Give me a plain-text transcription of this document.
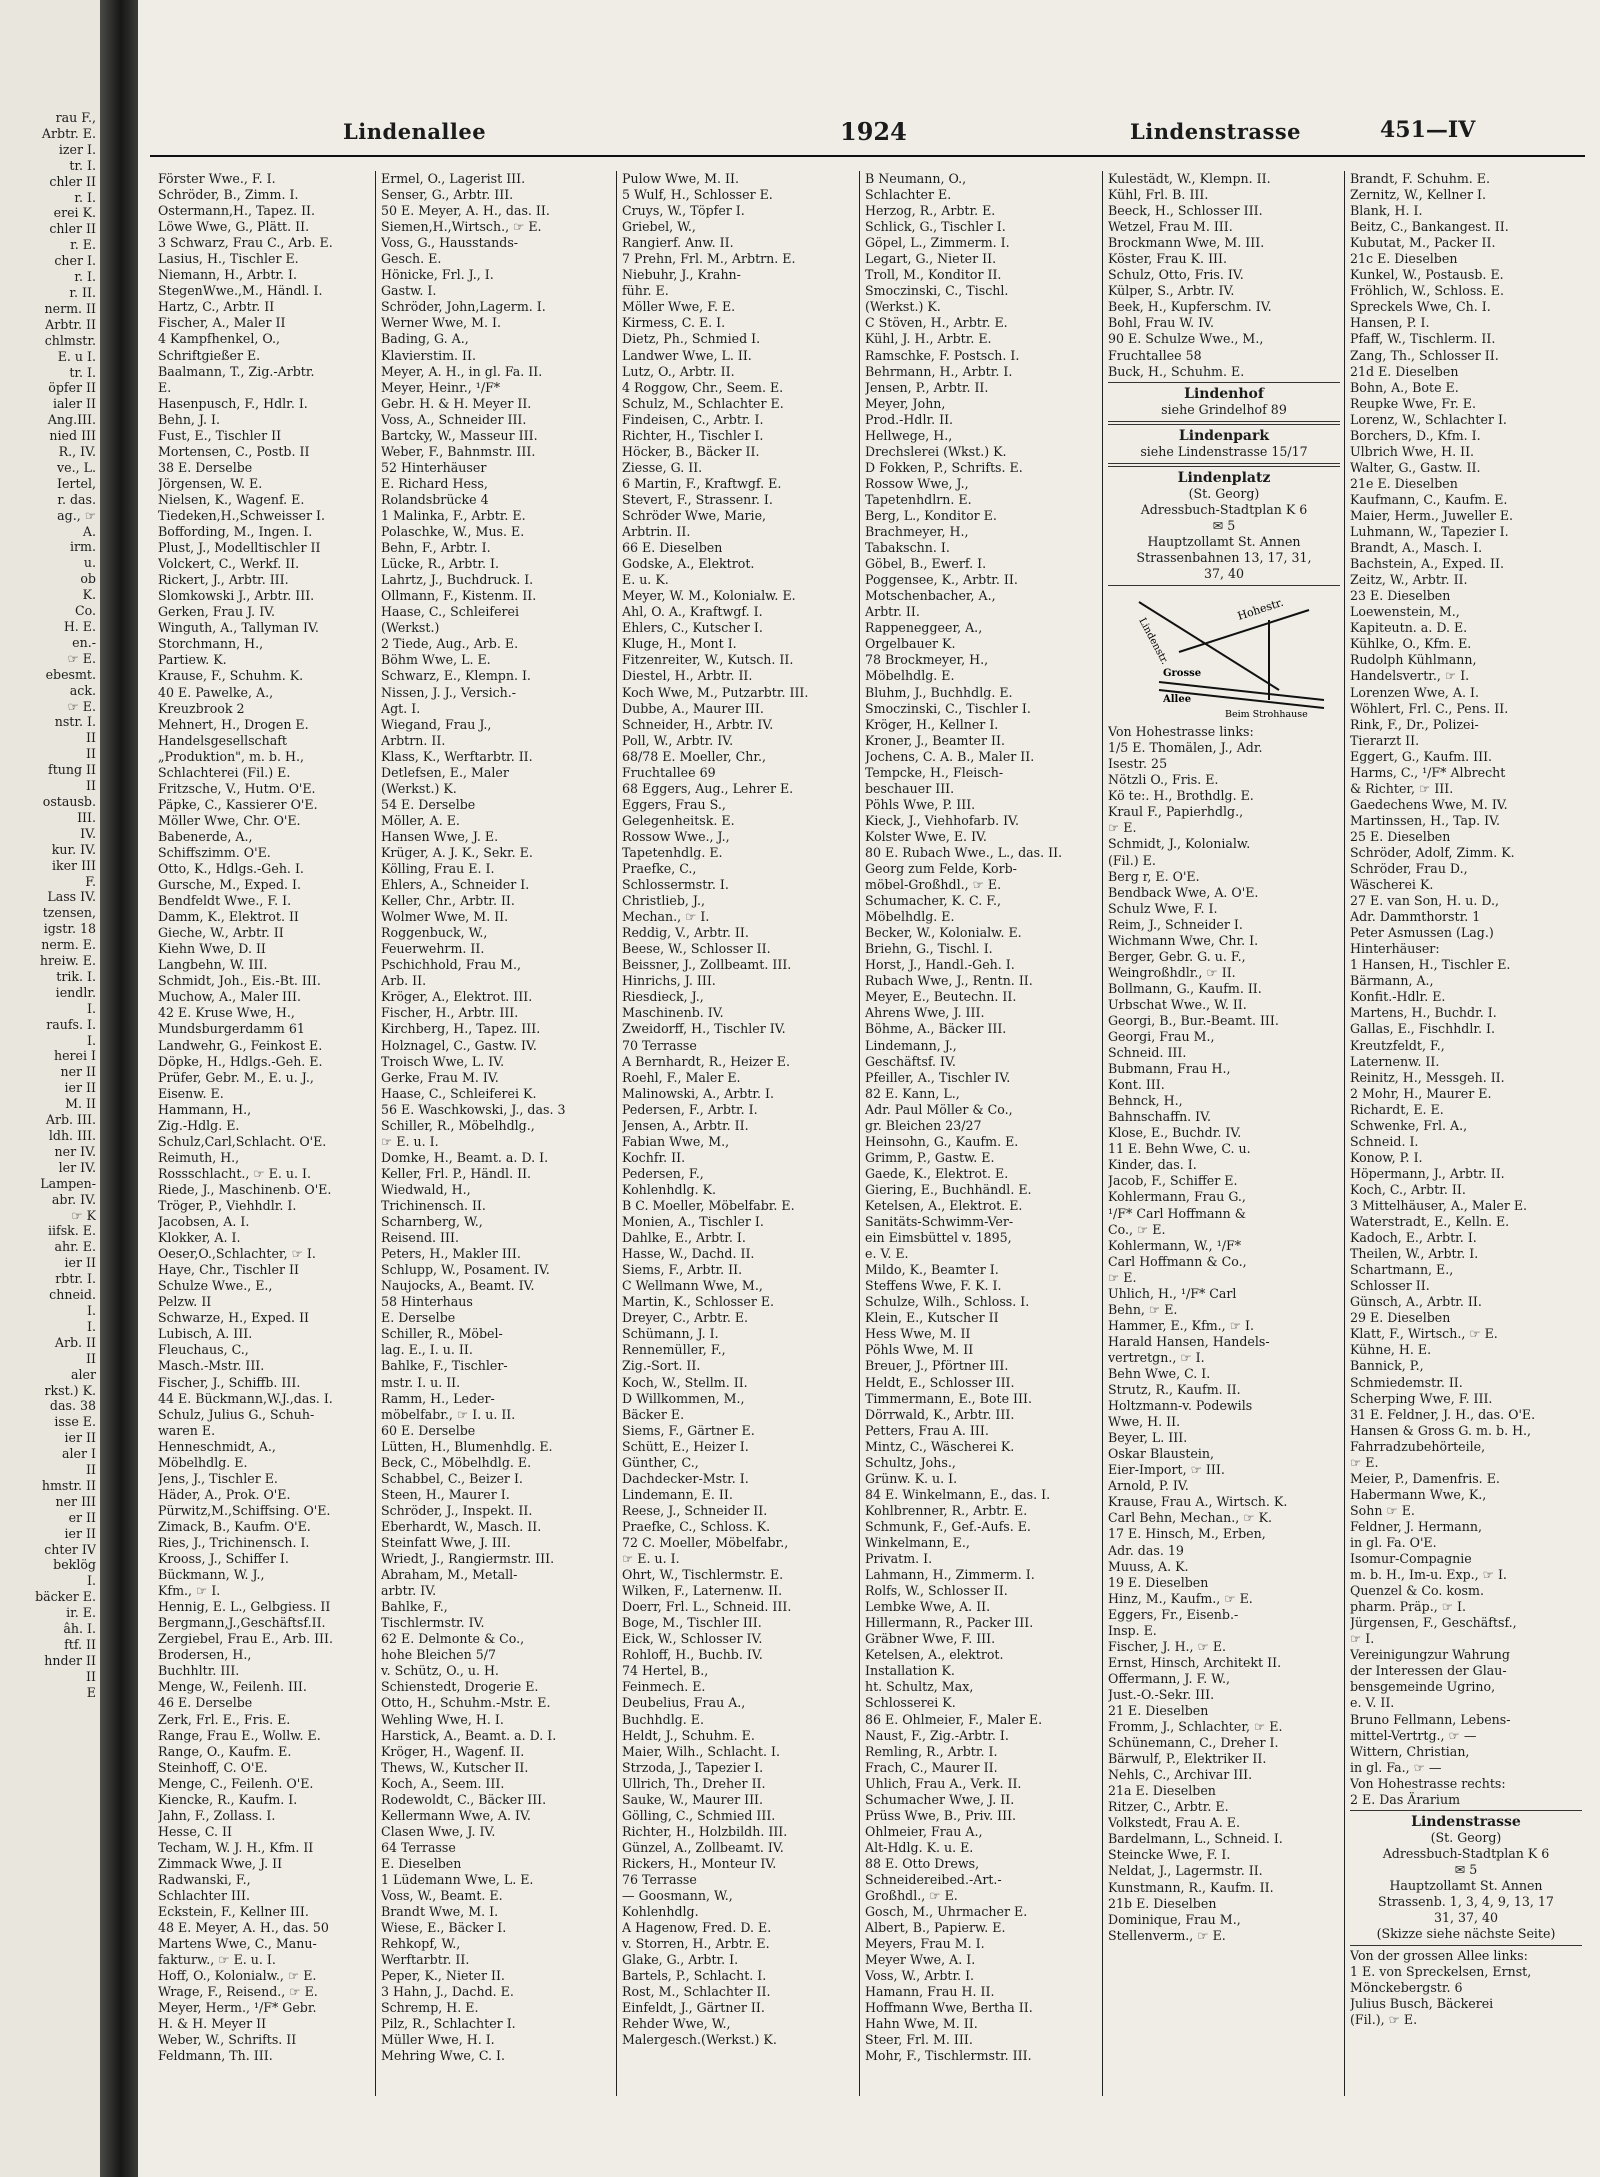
rau F.,
Arbtr. E.
izer I.
tr. I.
chler II
r. I.
erei K.
chler II
r. E.
cher I.
r. I.
r. II.
nerm. II
Arbtr. II
chlmstr.
E. u I.
tr. I.
öpfer II
ialer II
Ang.III.
nied III
R., IV.
ve., L.
Iertel,
r. das.
ag., ☞
A.
irm.
u.
ob
K.
Co.
H. E.
en.-
☞ E.
ebesmt.
ack.
☞ E.
nstr. I.
II
II
ftung II
II
ostausb.
III.
IV.
kur. IV.
iker III
F.
Lass IV.
tzensen,
igstr. 18
nerm. E.
hreiw. E.
trik. I.
iendlr.
I.
raufs. I.
I.
herei I
ner II
ier II
M. II
Arb. III.
ldh. III.
ner IV.
ler IV.
Lampen-
abr. IV.
☞ K
iifsk. E.
ahr. E.
ier II
rbtr. I.
chneid.
I.
I.
Arb. II
II
aler
rkst.) K.
das. 38
isse E.
ier II
aler I
II
hmstr. II
ner III
er II
ier II
chter IV
beklög
I.
bäcker E.
ir. E.
âh. I.
ftf. II
hnder II
II
E
Lindenallee	1924	Lindenstrasse	451—IV
Förster Wwe., F. I.
Schröder, B., Zimm. I.
Ostermann,H., Tapez. II.
Löwe Wwe, G., Plätt. II.
3 Schwarz, Frau C., Arb. E.
Lasius, H., Tischler E.
Niemann, H., Arbtr. I.
StegenWwe.,M., Händl. I.
Hartz, C., Arbtr. II
Fischer, A., Maler II
4 Kampfhenkel, O.,
Schriftgießer E.
Baalmann, T., Zig.-Arbtr.
E.
Hasenpusch, F., Hdlr. I.
Behn, J. I.
Fust, E., Tischler II
Mortensen, C., Postb. II
38 E. Derselbe
Jörgensen, W. E.
Nielsen, K., Wagenf. E.
Tiedeken,H.,Schweisser I.
Boffording, M., Ingen. I.
Plust, J., Modelltischler II
Volckert, C., Werkf. II.
Rickert, J., Arbtr. III.
Slomkowski J., Arbtr. III.
Gerken, Frau J. IV.
Winguth, A., Tallyman IV.
Storchmann, H.,
Partiew. K.
Krause, F., Schuhm. K.
40 E. Pawelke, A.,
Kreuzbrook 2
Mehnert, H., Drogen E.
Handelsgesellschaft
„Produktion", m. b. H.,
Schlachterei (Fil.) E.
Fritzsche, V., Hutm. O'E.
Päpke, C., Kassierer O'E.
Möller Wwe, Chr. O'E.
Babenerde, A.,
Schiffszimm. O'E.
Otto, K., Hdlgs.-Geh. I.
Gursche, M., Exped. I.
Bendfeldt Wwe., F. I.
Damm, K., Elektrot. II
Gieche, W., Arbtr. II
Kiehn Wwe, D. II
Langbehn, W. III.
Schmidt, Joh., Eis.-Bt. III.
Muchow, A., Maler III.
42 E. Kruse Wwe, H.,
Mundsburgerdamm 61
Landwehr, G., Feinkost E.
Döpke, H., Hdlgs.-Geh. E.
Prüfer, Gebr. M., E. u. J.,
Eisenw. E.
Hammann, H.,
Zig.-Hdlg. E.
Schulz,Carl,Schlacht. O'E.
Reimuth, H.,
Rossschlacht., ☞ E. u. I.
Riede, J., Maschinenb. O'E.
Tröger, P., Viehhdlr. I.
Jacobsen, A. I.
Klokker, A. I.
Oeser,O.,Schlachter, ☞ I.
Haye, Chr., Tischler II
Schulze Wwe., E.,
Pelzw. II
Schwarze, H., Exped. II
Lubisch, A. III.
Fleuchaus, C.,
Masch.-Mstr. III.
Fischer, J., Schiffb. III.
44 E. Bückmann,W.J.,das. I.
Schulz, Julius G., Schuh-
waren E.
Henneschmidt, A.,
Möbelhdlg. E.
Jens, J., Tischler E.
Häder, A., Prok. O'E.
Pürwitz,M.,Schiffsing. O'E.
Zimack, B., Kaufm. O'E.
Ries, J., Trichinensch. I.
Krooss, J., Schiffer I.
Bückmann, W. J.,
Kfm., ☞ I.
Hennig, E. L., Gelbgiess. II
Bergmann,J.,Geschäftsf.II.
Zergiebel, Frau E., Arb. III.
Brodersen, H.,
Buchhltr. III.
Menge, W., Feilenh. III.
46 E. Derselbe
Zerk, Frl. E., Fris. E.
Range, Frau E., Wollw. E.
Range, O., Kaufm. E.
Steinhoff, C. O'E.
Menge, C., Feilenh. O'E.
Kiencke, R., Kaufm. I.
Jahn, F., Zollass. I.
Hesse, C. II
Techam, W. J. H., Kfm. II
Zimmack Wwe, J. II
Radwanski, F.,
Schlachter III.
Eckstein, F., Kellner III.
48 E. Meyer, A. H., das. 50
Martens Wwe, C., Manu-
fakturw., ☞ E. u. I.
Hoff, O., Kolonialw., ☞ E.
Wrage, F., Reisend., ☞ E.
Meyer, Herm., ¹/F* Gebr.
H. & H. Meyer II
Weber, W., Schrifts. II
Feldmann, Th. III.
Ermel, O., Lagerist III.
Senser, G., Arbtr. III.
50 E. Meyer, A. H., das. II.
Siemen,H.,Wirtsch., ☞ E.
Voss, G., Hausstands-
Gesch. E.
Hönicke, Frl. J., I.
Gastw. I.
Schröder, John,Lagerm. I.
Werner Wwe, M. I.
Bading, G. A.,
Klavierstim. II.
Meyer, A. H., in gl. Fa. II.
Meyer, Heinr., ¹/F*
Gebr. H. & H. Meyer II.
Voss, A., Schneider III.
Bartcky, W., Masseur III.
Weber, F., Bahnmstr. III.
52 Hinterhäuser
E. Richard Hess,
Rolandsbrücke 4
1 Malinka, F., Arbtr. E.
Polaschke, W., Mus. E.
Behn, F., Arbtr. I.
Lücke, R., Arbtr. I.
Lahrtz, J., Buchdruck. I.
Ollmann, F., Kistenm. II.
Haase, C., Schleiferei
(Werkst.)
2 Tiede, Aug., Arb. E.
Böhm Wwe, L. E.
Schwarz, E., Klempn. I.
Nissen, J. J., Versich.-
Agt. I.
Wiegand, Frau J.,
Arbtrn. II.
Klass, K., Werftarbtr. II.
Detlefsen, E., Maler
(Werkst.) K.
54 E. Derselbe
Möller, A. E.
Hansen Wwe, J. E.
Krüger, A. J. K., Sekr. E.
Kölling, Frau E. I.
Ehlers, A., Schneider I.
Keller, Chr., Arbtr. II.
Wolmer Wwe, M. II.
Roggenbuck, W.,
Feuerwehrm. II.
Pschichhold, Frau M.,
Arb. II.
Kröger, A., Elektrot. III.
Fischer, H., Arbtr. III.
Kirchberg, H., Tapez. III.
Holznagel, C., Gastw. IV.
Troisch Wwe, L. IV.
Gerke, Frau M. IV.
Haase, C., Schleiferei K.
56 E. Waschkowski, J., das. 3
Schiller, R., Möbelhdlg.,
☞ E. u. I.
Domke, H., Beamt. a. D. I.
Keller, Frl. P., Händl. II.
Wiedwald, H.,
Trichinensch. II.
Scharnberg, W.,
Reisend. III.
Peters, H., Makler III.
Schlupp, W., Posament. IV.
Naujocks, A., Beamt. IV.
58 Hinterhaus
E. Derselbe
Schiller, R., Möbel-
lag. E., I. u. II.
Bahlke, F., Tischler-
mstr. I. u. II.
Ramm, H., Leder-
möbelfabr., ☞ I. u. II.
60 E. Derselbe
Lütten, H., Blumenhdlg. E.
Beck, C., Möbelhdlg. E.
Schabbel, C., Beizer I.
Steen, H., Maurer I.
Schröder, J., Inspekt. II.
Eberhardt, W., Masch. II.
Steinfatt Wwe, J. III.
Wriedt, J., Rangiermstr. III.
Abraham, M., Metall-
arbtr. IV.
Bahlke, F.,
Tischlermstr. IV.
62 E. Delmonte & Co.,
hohe Bleichen 5/7
v. Schütz, O., u. H.
Schienstedt, Drogerie E.
Otto, H., Schuhm.-Mstr. E.
Wehling Wwe, H. I.
Harstick, A., Beamt. a. D. I.
Kröger, H., Wagenf. II.
Thews, W., Kutscher II.
Koch, A., Seem. III.
Rodewoldt, C., Bäcker III.
Kellermann Wwe, A. IV.
Clasen Wwe, J. IV.
64 Terrasse
E. Dieselben
1 Lüdemann Wwe, L. E.
Voss, W., Beamt. E.
Brandt Wwe, M. I.
Wiese, E., Bäcker I.
Rehkopf, W.,
Werftarbtr. II.
Peper, K., Nieter II.
3 Hahn, J., Dachd. E.
Schremp, H. E.
Pilz, R., Schlachter I.
Müller Wwe, H. I.
Mehring Wwe, C. I.
Pulow Wwe, M. II.
5 Wulf, H., Schlosser E.
Cruys, W., Töpfer I.
Griebel, W.,
Rangierf. Anw. II.
7 Prehn, Frl. M., Arbtrn. E.
Niebuhr, J., Krahn-
führ. E.
Möller Wwe, F. E.
Kirmess, C. E. I.
Dietz, Ph., Schmied I.
Landwer Wwe, L. II.
Lutz, O., Arbtr. II.
4 Roggow, Chr., Seem. E.
Schulz, M., Schlachter E.
Findeisen, C., Arbtr. I.
Richter, H., Tischler I.
Höcker, B., Bäcker II.
Ziesse, G. II.
6 Martin, F., Kraftwgf. E.
Stevert, F., Strassenr. I.
Schröder Wwe, Marie,
Arbtrin. II.
66 E. Dieselben
Godske, A., Elektrot.
E. u. K.
Meyer, W. M., Kolonialw. E.
Ahl, O. A., Kraftwgf. I.
Ehlers, C., Kutscher I.
Kluge, H., Mont I.
Fitzenreiter, W., Kutsch. II.
Diestel, H., Arbtr. II.
Koch Wwe, M., Putzarbtr. III.
Dubbe, A., Maurer III.
Schneider, H., Arbtr. IV.
Poll, W., Arbtr. IV.
68/78 E. Moeller, Chr.,
Fruchtallee 69
68 Eggers, Aug., Lehrer E.
Eggers, Frau S.,
Gelegenheitsk. E.
Rossow Wwe., J.,
Tapetenhdlg. E.
Praefke, C.,
Schlossermstr. I.
Christlieb, J.,
Mechan., ☞ I.
Reddig, V., Arbtr. II.
Beese, W., Schlosser II.
Beissner, J., Zollbeamt. III.
Hinrichs, J. III.
Riesdieck, J.,
Maschinenb. IV.
Zweidorff, H., Tischler IV.
70 Terrasse
A Bernhardt, R., Heizer E.
Roehl, F., Maler E.
Malinowski, A., Arbtr. I.
Pedersen, F., Arbtr. I.
Jensen, A., Arbtr. II.
Fabian Wwe, M.,
Kochfr. II.
Pedersen, F.,
Kohlenhdlg. K.
B C. Moeller, Möbelfabr. E.
Monien, A., Tischler I.
Dahlke, E., Arbtr. I.
Hasse, W., Dachd. II.
Siems, F., Arbtr. II.
C Wellmann Wwe, M.,
Martin, K., Schlosser E.
Dreyer, C., Arbtr. E.
Schümann, J. I.
Rennemüller, F.,
Zig.-Sort. II.
Koch, W., Stellm. II.
D Willkommen, M.,
Bäcker E.
Siems, F., Gärtner E.
Schütt, E., Heizer I.
Günther, C.,
Dachdecker-Mstr. I.
Lindemann, E. II.
Reese, J., Schneider II.
Praefke, C., Schloss. K.
72 C. Moeller, Möbelfabr.,
☞ E. u. I.
Ohrt, W., Tischlermstr. E.
Wilken, F., Laternenw. II.
Doerr, Frl. L., Schneid. III.
Boge, M., Tischler III.
Eick, W., Schlosser IV.
Rohloff, H., Buchb. IV.
74 Hertel, B.,
Feinmech. E.
Deubelius, Frau A.,
Buchhdlg. E.
Heldt, J., Schuhm. E.
Maier, Wilh., Schlacht. I.
Strzoda, J., Tapezier I.
Ullrich, Th., Dreher II.
Sauke, W., Maurer III.
Gölling, C., Schmied III.
Richter, H., Holzbildh. III.
Günzel, A., Zollbeamt. IV.
Rickers, H., Monteur IV.
76 Terrasse
— Goosmann, W.,
Kohlenhdlg.
A Hagenow, Fred. D. E.
v. Storren, H., Arbtr. E.
Glake, G., Arbtr. I.
Bartels, P., Schlacht. I.
Rost, M., Schlachter II.
Einfeldt, J., Gärtner II.
Rehder Wwe, W.,
Malergesch.(Werkst.) K.
B Neumann, O.,
Schlachter E.
Herzog, R., Arbtr. E.
Schlick, G., Tischler I.
Göpel, L., Zimmerm. I.
Legart, G., Nieter II.
Troll, M., Konditor II.
Smoczinski, C., Tischl.
(Werkst.) K.
C Stöven, H., Arbtr. E.
Kühl, J. H., Arbtr. E.
Ramschke, F. Postsch. I.
Behrmann, H., Arbtr. I.
Jensen, P., Arbtr. II.
Meyer, John,
Prod.-Hdlr. II.
Hellwege, H.,
Drechslerei (Wkst.) K.
D Fokken, P., Schrifts. E.
Rossow Wwe, J.,
Tapetenhdlrn. E.
Berg, L., Konditor E.
Brachmeyer, H.,
Tabakschn. I.
Göbel, B., Ewerf. I.
Poggensee, K., Arbtr. II.
Motschenbacher, A.,
Arbtr. II.
Rappeneggeer, A.,
Orgelbauer K.
78 Brockmeyer, H.,
Möbelhdlg. E.
Bluhm, J., Buchhdlg. E.
Smoczinski, C., Tischler I.
Kröger, H., Kellner I.
Kroner, J., Beamter II.
Jochens, C. A. B., Maler II.
Tempcke, H., Fleisch-
beschauer III.
Pöhls Wwe, P. III.
Kieck, J., Viehhofarb. IV.
Kolster Wwe, E. IV.
80 E. Rubach Wwe., L., das. II.
Georg zum Felde, Korb-
möbel-Großhdl., ☞ E.
Schumacher, K. C. F.,
Möbelhdlg. E.
Becker, W., Kolonialw. E.
Briehn, G., Tischl. I.
Horst, J., Handl.-Geh. I.
Rubach Wwe, J., Rentn. II.
Meyer, E., Beutechn. II.
Ahrens Wwe, J. III.
Böhme, A., Bäcker III.
Lindemann, J.,
Geschäftsf. IV.
Pfeiller, A., Tischler IV.
82 E. Kann, L.,
Adr. Paul Möller & Co.,
gr. Bleichen 23/27
Heinsohn, G., Kaufm. E.
Grimm, P., Gastw. E.
Gaede, K., Elektrot. E.
Giering, E., Buchhändl. E.
Ketelsen, A., Elektrot. E.
Sanitäts-Schwimm-Ver-
ein Eimsbüttel v. 1895,
e. V. E.
Mildo, K., Beamter I.
Steffens Wwe, F. K. I.
Schulze, Wilh., Schloss. I.
Klein, E., Kutscher II
Hess Wwe, M. II
Pöhls Wwe, M. II
Breuer, J., Pförtner III.
Heldt, E., Schlosser III.
Timmermann, E., Bote III.
Dörrwald, K., Arbtr. III.
Petters, Frau A. III.
Mintz, C., Wäscherei K.
Schultz, Johs.,
Grünw. K. u. I.
84 E. Winkelmann, E., das. I.
Kohlbrenner, R., Arbtr. E.
Schmunk, F., Gef.-Aufs. E.
Winkelmann, E.,
Privatm. I.
Lahmann, H., Zimmerm. I.
Rolfs, W., Schlosser II.
Lembke Wwe, A. II.
Hillermann, R., Packer III.
Gräbner Wwe, F. III.
Ketelsen, A., elektrot.
Installation K.
ht. Schultz, Max,
Schlosserei K.
86 E. Ohlmeier, F., Maler E.
Naust, F., Zig.-Arbtr. I.
Remling, R., Arbtr. I.
Frach, C., Maurer II.
Uhlich, Frau A., Verk. II.
Schumacher Wwe, J. II.
Prüss Wwe, B., Priv. III.
Ohlmeier, Frau A.,
Alt-Hdlg. K. u. E.
88 E. Otto Drews,
Schneidereibed.-Art.-
Großhdl., ☞ E.
Gosch, M., Uhrmacher E.
Albert, B., Papierw. E.
Meyers, Frau M. I.
Meyer Wwe, A. I.
Voss, W., Arbtr. I.
Hamann, Frau H. II.
Hoffmann Wwe, Bertha II.
Hahn Wwe, M. II.
Steer, Frl. M. III.
Mohr, F., Tischlermstr. III.
Kulestädt, W., Klempn. II.
Kühl, Frl. B. III.
Beeck, H., Schlosser III.
Wetzel, Frau M. III.
Brockmann Wwe, M. III.
Köster, Frau K. III.
Schulz, Otto, Fris. IV.
Külper, S., Arbtr. IV.
Beek, H., Kupferschm. IV.
Bohl, Frau W. IV.
90 E. Schulze Wwe., M.,
Fruchtallee 58
Buck, H., Schuhm. E.
Lindenhof
siehe Grindelhof 89
Lindenpark
siehe Lindenstrasse 15/17
Lindenplatz
(St. Georg)
Adressbuch-Stadtplan K 6
✉ 5
Hauptzollamt St. Annen
Strassenbahnen 13, 17, 31,
37, 40
Hohestr.
Lindenstr.
Grosse
Allee
Beim Strohhause
Von Hohestrasse links:
1/5 E. Thomälen, J., Adr.
Isestr. 25
Nötzli O., Fris. E.
Kö te:. H., Brothdlg. E.
Kraul F., Papierhdlg.,
☞ E.
Schmidt, J., Kolonialw.
(Fil.) E.
Berg r, E. O'E.
Bendback Wwe, A. O'E.
Schulz Wwe, F. I.
Reim, J., Schneider I.
Wichmann Wwe, Chr. I.
Berger, Gebr. G. u. F.,
Weingroßhdlr., ☞ II.
Bollmann, G., Kaufm. II.
Urbschat Wwe., W. II.
Georgi, B., Bur.-Beamt. III.
Georgi, Frau M.,
Schneid. III.
Bubmann, Frau H.,
Kont. III.
Behnck, H.,
Bahnschaffn. IV.
Klose, E., Buchdr. IV.
11 E. Behn Wwe, C. u.
Kinder, das. I.
Jacob, F., Schiffer E.
Kohlermann, Frau G.,
¹/F* Carl Hoffmann &
Co., ☞ E.
Kohlermann, W., ¹/F*
Carl Hoffmann & Co.,
☞ E.
Uhlich, H., ¹/F* Carl
Behn, ☞ E.
Hammer, E., Kfm., ☞ I.
Harald Hansen, Handels-
vertretgn., ☞ I.
Behn Wwe, C. I.
Strutz, R., Kaufm. II.
Holtzmann-v. Podewils
Wwe, H. II.
Beyer, L. III.
Oskar Blaustein,
Eier-Import, ☞ III.
Arnold, P. IV.
Krause, Frau A., Wirtsch. K.
Carl Behn, Mechan., ☞ K.
17 E. Hinsch, M., Erben,
Adr. das. 19
Muuss, A. K.
19 E. Dieselben
Hinz, M., Kaufm., ☞ E.
Eggers, Fr., Eisenb.-
Insp. E.
Fischer, J. H., ☞ E.
Ernst, Hinsch, Architekt II.
Offermann, J. F. W.,
Just.-O.-Sekr. III.
21 E. Dieselben
Fromm, J., Schlachter, ☞ E.
Schünemann, C., Dreher I.
Bärwulf, P., Elektriker II.
Nehls, C., Archivar III.
21a E. Dieselben
Ritzer, C., Arbtr. E.
Volkstedt, Frau A. E.
Bardelmann, L., Schneid. I.
Steincke Wwe, F. I.
Neldat, J., Lagermstr. II.
Kunstmann, R., Kaufm. II.
21b E. Dieselben
Dominique, Frau M.,
Stellenverm., ☞ E.
Brandt, F. Schuhm. E.
Zernitz, W., Kellner I.
Blank, H. I.
Beitz, C., Bankangest. II.
Kubutat, M., Packer II.
21c E. Dieselben
Kunkel, W., Postausb. E.
Fröhlich, W., Schloss. E.
Spreckels Wwe, Ch. I.
Hansen, P. I.
Pfaff, W., Tischlerm. II.
Zang, Th., Schlosser II.
21d E. Dieselben
Bohn, A., Bote E.
Reupke Wwe, Fr. E.
Lorenz, W., Schlachter I.
Borchers, D., Kfm. I.
Ulbrich Wwe, H. II.
Walter, G., Gastw. II.
21e E. Dieselben
Kaufmann, C., Kaufm. E.
Maier, Herm., Juweller E.
Luhmann, W., Tapezier I.
Brandt, A., Masch. I.
Bachstein, A., Exped. II.
Zeitz, W., Arbtr. II.
23 E. Dieselben
Loewenstein, M.,
Kapiteutn. a. D. E.
Kühlke, O., Kfm. E.
Rudolph Kühlmann,
Handelsvertr., ☞ I.
Lorenzen Wwe, A. I.
Wöhlert, Frl. C., Pens. II.
Rink, F., Dr., Polizei-
Tierarzt II.
Eggert, G., Kaufm. III.
Harms, C., ¹/F* Albrecht
& Richter, ☞ III.
Gaedechens Wwe, M. IV.
Martinssen, H., Tap. IV.
25 E. Dieselben
Schröder, Adolf, Zimm. K.
Schröder, Frau D.,
Wäscherei K.
27 E. van Son, H. u. D.,
Adr. Dammthorstr. 1
Peter Asmussen (Lag.)
Hinterhäuser:
1 Hansen, H., Tischler E.
Bärmann, A.,
Konfit.-Hdlr. E.
Martens, H., Buchdr. I.
Gallas, E., Fischhdlr. I.
Kreutzfeldt, F.,
Laternenw. II.
Reinitz, H., Messgeh. II.
2 Mohr, H., Maurer E.
Richardt, E. E.
Schwenke, Frl. A.,
Schneid. I.
Konow, P. I.
Höpermann, J., Arbtr. II.
Koch, C., Arbtr. II.
3 Mittelhäuser, A., Maler E.
Waterstradt, E., Kelln. E.
Kadoch, E., Arbtr. I.
Theilen, W., Arbtr. I.
Schartmann, E.,
Schlosser II.
Günsch, A., Arbtr. II.
29 E. Dieselben
Klatt, F., Wirtsch., ☞ E.
Kühne, H. E.
Bannick, P.,
Schmiedemstr. II.
Scherping Wwe, F. III.
31 E. Feldner, J. H., das. O'E.
Hansen & Gross G. m. b. H.,
Fahrradzubehörteile,
☞ E.
Meier, P., Damenfris. E.
Habermann Wwe, K.,
Sohn ☞ E.
Feldner, J. Hermann,
in gl. Fa. O'E.
Isomur-Compagnie
m. b. H., Im-u. Exp., ☞ I.
Quenzel & Co. kosm.
pharm. Präp., ☞ I.
Jürgensen, F., Geschäftsf.,
☞ I.
Vereinigungzur Wahrung
der Interessen der Glau-
bensgemeinde Ugrino,
e. V. II.
Bruno Fellmann, Lebens-
mittel-Vertrtg., ☞ —
Wittern, Christian,
in gl. Fa., ☞ —
Von Hohestrasse rechts:
2 E. Das Ärarium
Lindenstrasse
(St. Georg)
Adressbuch-Stadtplan K 6
✉ 5
Hauptzollamt St. Annen
Strassenb. 1, 3, 4, 9, 13, 17
31, 37, 40
(Skizze siehe nächste Seite)
Von der grossen Allee links:
1 E. von Spreckelsen, Ernst,
Mönckebergstr. 6
Julius Busch, Bäckerei
(Fil.), ☞ E.
